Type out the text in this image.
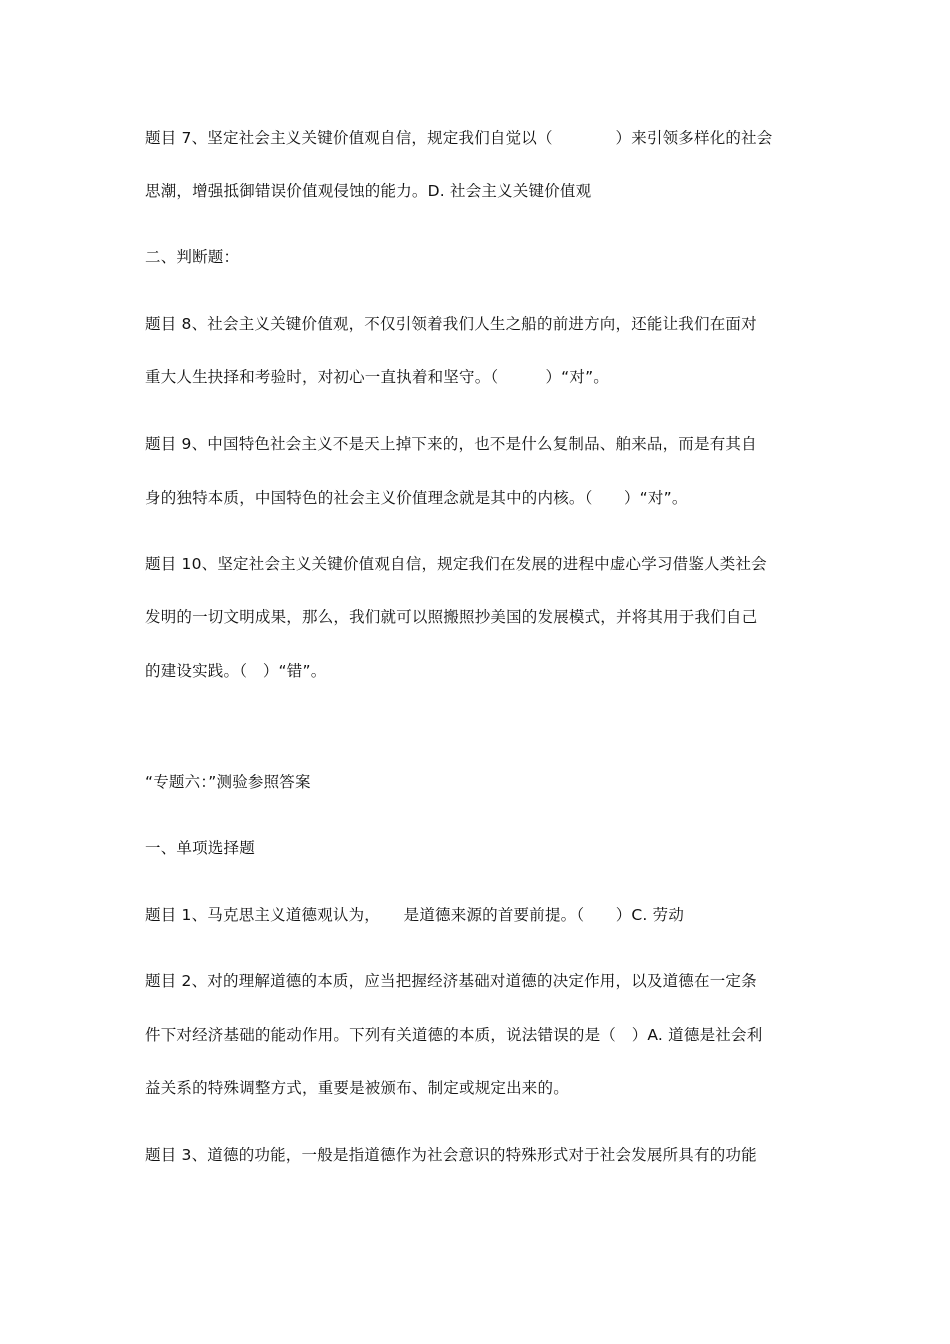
题目 7、坚定社会主义关键价值观自信，规定我们自觉以（　　　　）来引领多样化的社会
思潮，增强抵御错误价值观侵蚀的能力。D. 社会主义关键价值观
二、判断题：
题目 8、社会主义关键价值观，不仅引领着我们人生之船的前进方向，还能让我们在面对
重大人生抉择和考验时，对初心一直执着和坚守。（　　　）“对”。
题目 9、中国特色社会主义不是天上掉下来的，也不是什么复制品、舶来品，而是有其自
身的独特本质，中国特色的社会主义价值理念就是其中的内核。（　　）“对”。
题目 10、坚定社会主义关键价值观自信，规定我们在发展的进程中虚心学习借鉴人类社会
发明的一切文明成果，那么，我们就可以照搬照抄美国的发展模式，并将其用于我们自己
的建设实践。（　）“错”。
“专题六：”测验参照答案
一、单项选择题
题目 1、马克思主义道德观认为，　　是道德来源的首要前提。（　　）C. 劳动
题目 2、对的理解道德的本质，应当把握经济基础对道德的决定作用，以及道德在一定条
件下对经济基础的能动作用。下列有关道德的本质，说法错误的是（　）A. 道德是社会利
益关系的特殊调整方式，重要是被颁布、制定或规定出来的。
题目 3、道德的功能，一般是指道德作为社会意识的特殊形式对于社会发展所具有的功能
